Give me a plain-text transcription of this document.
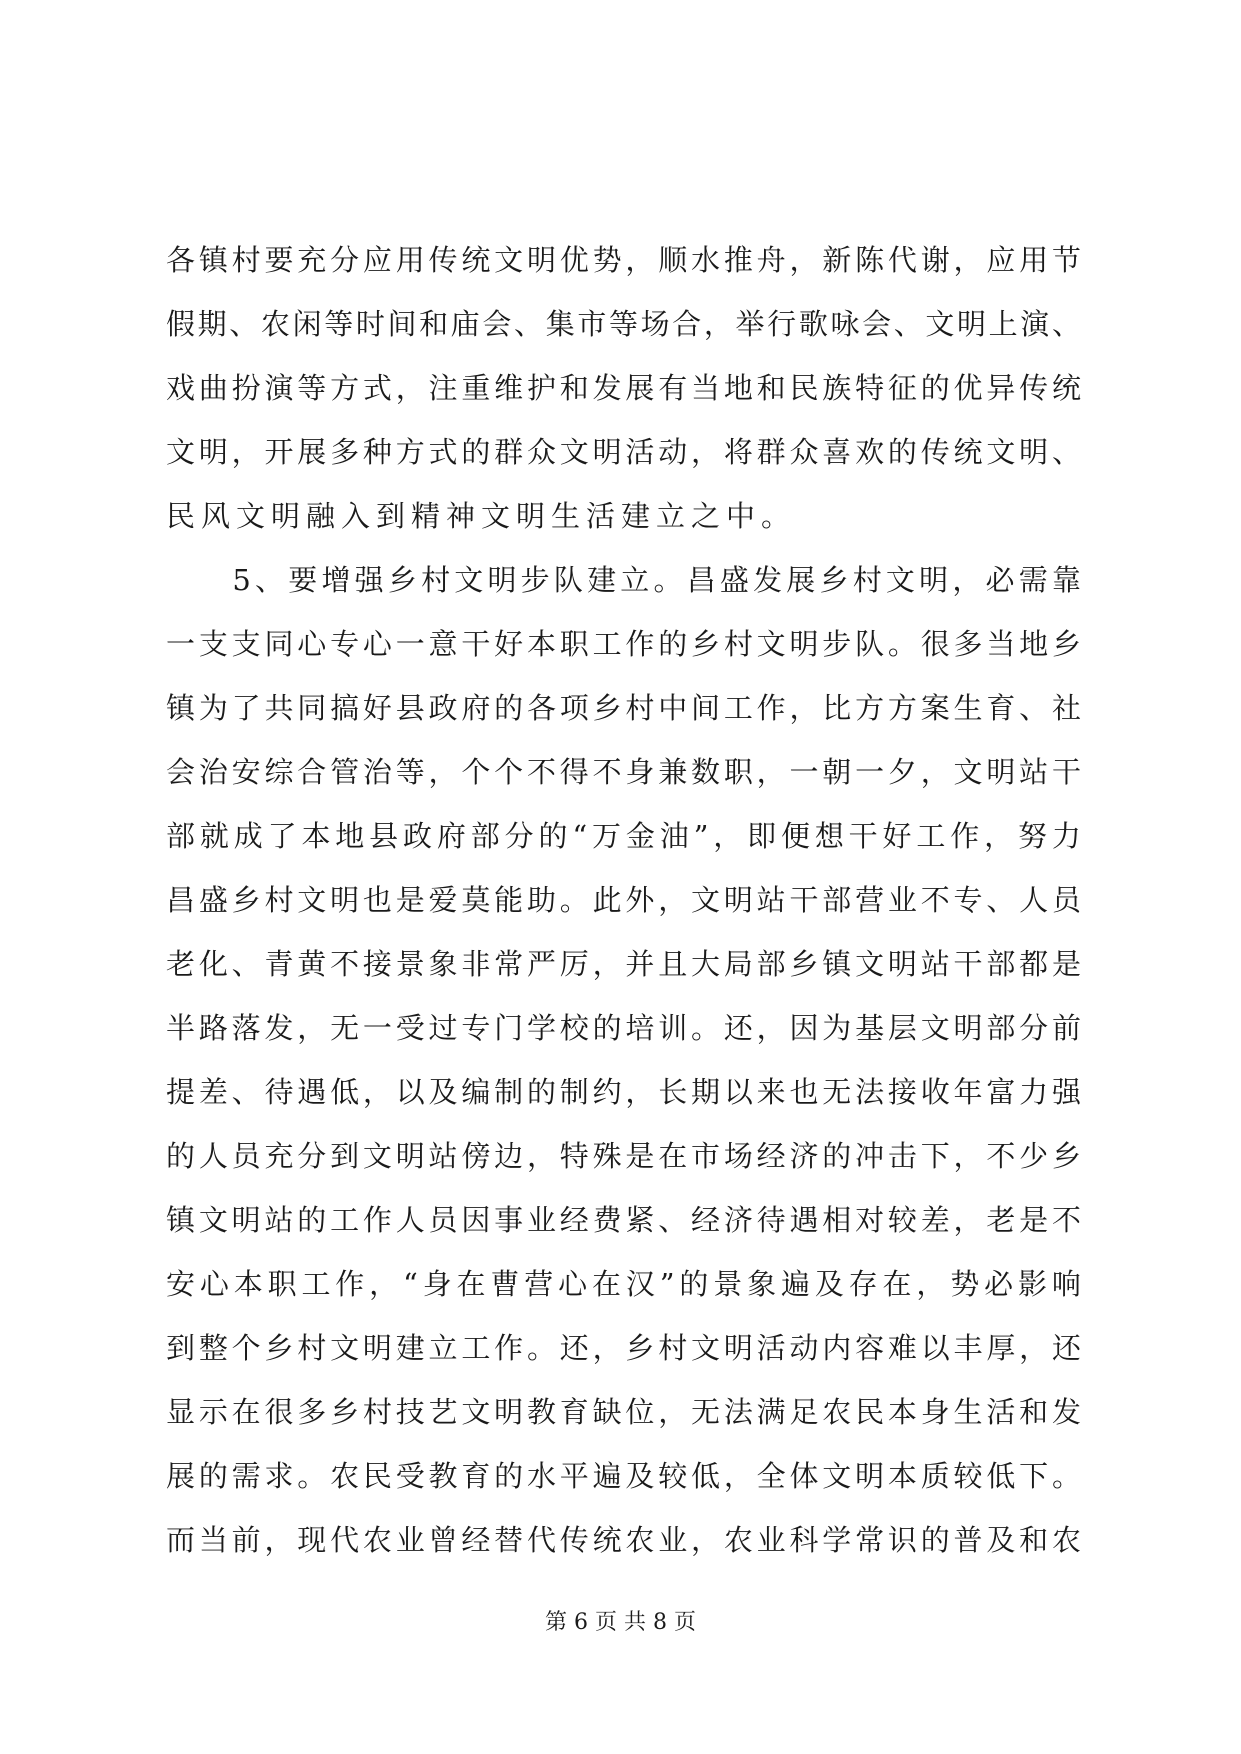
各 镇 村 要 充 分 应 用 传 统 文 明 优 势 ， 顺 水 推 舟 ， 新 陈 代 谢 ， 应 用 节
假 期 、 农 闲 等 时 间 和 庙 会 、 集 市 等 场 合 ， 举 行 歌 咏 会 、 文 明 上 演 、
戏 曲 扮 演 等 方 式 ， 注 重 维 护 和 发 展 有 当 地 和 民 族 特 征 的 优 异 传 统
文 明 ， 开 展 多 种 方 式 的 群 众 文 明 活 动 ， 将 群 众 喜 欢 的 传 统 文 明 、
民风文明融入到精神文明生活建立之中。

5 、 要 增 强 乡 村 文 明 步 队 建 立 。 昌 盛 发 展 乡 村 文 明 ， 必 需 靠
一 支 支 同 心 专 心 一 意 干 好 本 职 工 作 的 乡 村 文 明 步 队 。 很 多 当 地 乡
镇 为 了 共 同 搞 好 县 政 府 的 各 项 乡 村 中 间 工 作 ， 比 方 方 案 生 育 、 社
会 治 安 综 合 管 治 等 ， 个 个 不 得 不 身 兼 数 职 ， 一 朝 一 夕 ， 文 明 站 干
部 就 成 了 本 地 县 政 府 部 分 的 “ 万 金 油 ” ， 即 便 想 干 好 工 作 ， 努 力
昌 盛 乡 村 文 明 也 是 爱 莫 能 助 。 此 外 ， 文 明 站 干 部 营 业 不 专 、 人 员
老 化 、 青 黄 不 接 景 象 非 常 严 厉 ， 并 且 大 局 部 乡 镇 文 明 站 干 部 都 是
半 路 落 发 ， 无 一 受 过 专 门 学 校 的 培 训 。 还 ， 因 为 基 层 文 明 部 分 前
提 差 、 待 遇 低 ， 以 及 编 制 的 制 约 ， 长 期 以 来 也 无 法 接 收 年 富 力 强
的 人 员 充 分 到 文 明 站 傍 边 ， 特 殊 是 在 市 场 经 济 的 冲 击 下 ， 不 少 乡
镇 文 明 站 的 工 作 人 员 因 事 业 经 费 紧 、 经 济 待 遇 相 对 较 差 ， 老 是 不
安 心 本 职 工 作 ， “ 身 在 曹 营 心 在 汉 ” 的 景 象 遍 及 存 在 ， 势 必 影 响
到 整 个 乡 村 文 明 建 立 工 作 。 还 ， 乡 村 文 明 活 动 内 容 难 以 丰 厚 ， 还
显 示 在 很 多 乡 村 技 艺 文 明 教 育 缺 位 ， 无 法 满 足 农 民 本 身 生 活 和 发
展 的 需 求 。 农 民 受 教 育 的 水 平 遍 及 较 低 ， 全 体 文 明 本 质 较 低 下 。
而 当 前 ， 现 代 农 业 曾 经 替 代 传 统 农 业 ， 农 业 科 学 常 识 的 普 及 和 农
第 6 页 共 8 页
